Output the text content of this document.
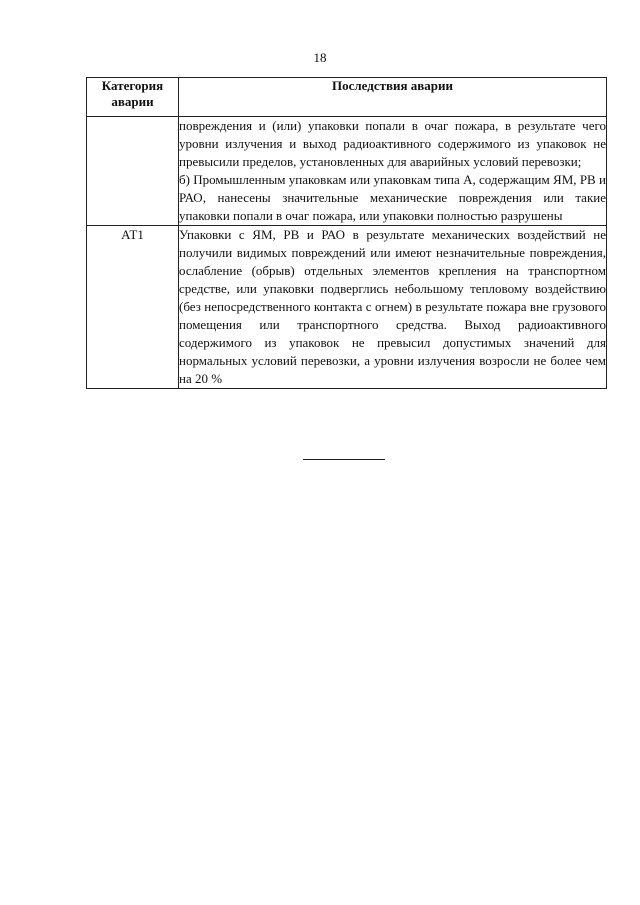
18
Категория аварии	Последствия аварии

	повреждения и (или) упаковки попали в очаг пожара, в результате чего уровни излучения и выход радиоактивного содержимого из упаковок не превысили пределов, установленных для аварийных условий перевозки;

б) Промышленным упаковкам или упаковкам типа А, содержащим ЯМ, РВ и РАО, нанесены значительные механические повреждения или такие упаковки попали в очаг пожара, или упаковки полностью разрушены

АТ1	Упаковки с ЯМ, РВ и РАО в результате механических воздействий не получили видимых повреждений или имеют незначительные повреждения, ослабление (обрыв) отдельных элементов крепления на транспортном средстве, или упаковки подверглись небольшому тепловому воздействию (без непосредственного контакта с огнем) в результате пожара вне грузового помещения или транспортного средства. Выход радиоактивного содержимого из упаковок не превысил допустимых значений для нормальных условий перевозки, а уровни излучения возросли не более чем на 20 %
